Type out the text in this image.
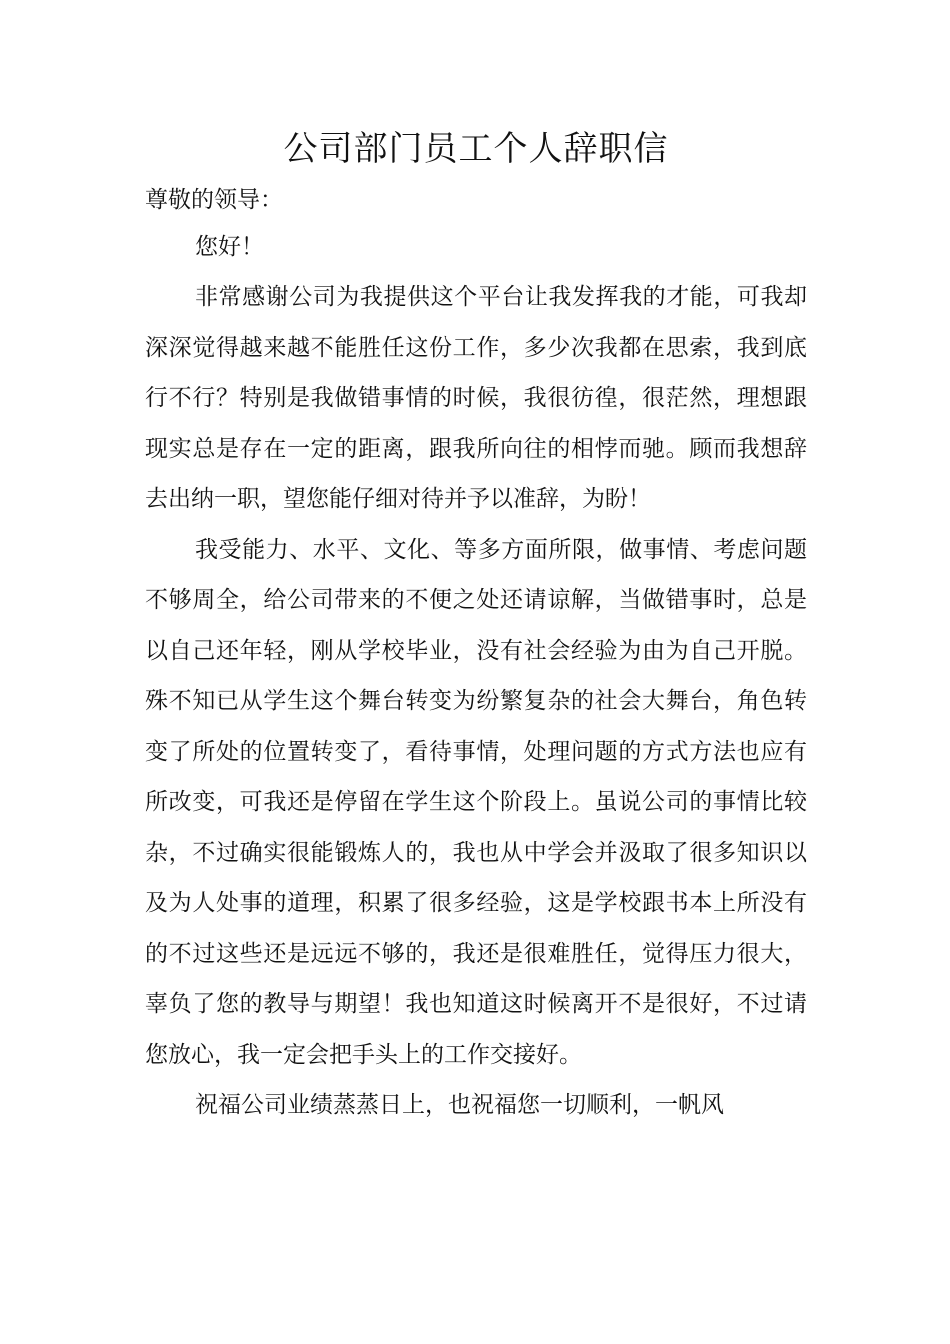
公司部门员工个人辞职信

尊敬的领导：

您好！

非常感谢公司为我提供这个平台让我发挥我的才能，可我却深深觉得越来越不能胜任这份工作，多少次我都在思索，我到底行不行？特别是我做错事情的时候，我很彷徨，很茫然，理想跟现实总是存在一定的距离，跟我所向往的相悖而驰。顾而我想辞去出纳一职，望您能仔细对待并予以准辞，为盼！

我受能力、水平、文化、等多方面所限，做事情、考虑问题不够周全，给公司带来的不便之处还请谅解，当做错事时，总是以自己还年轻，刚从学校毕业，没有社会经验为由为自己开脱。殊不知已从学生这个舞台转变为纷繁复杂的社会大舞台，角色转变了所处的位置转变了，看待事情，处理问题的方式方法也应有所改变，可我还是停留在学生这个阶段上。虽说公司的事情比较杂，不过确实很能锻炼人的，我也从中学会并汲取了很多知识以及为人处事的道理，积累了很多经验，这是学校跟书本上所没有的不过这些还是远远不够的，我还是很难胜任，觉得压力很大，辜负了您的教导与期望！我也知道这时候离开不是很好，不过请您放心，我一定会把手头上的工作交接好。

祝福公司业绩蒸蒸日上，也祝福您一切顺利，一帆风
